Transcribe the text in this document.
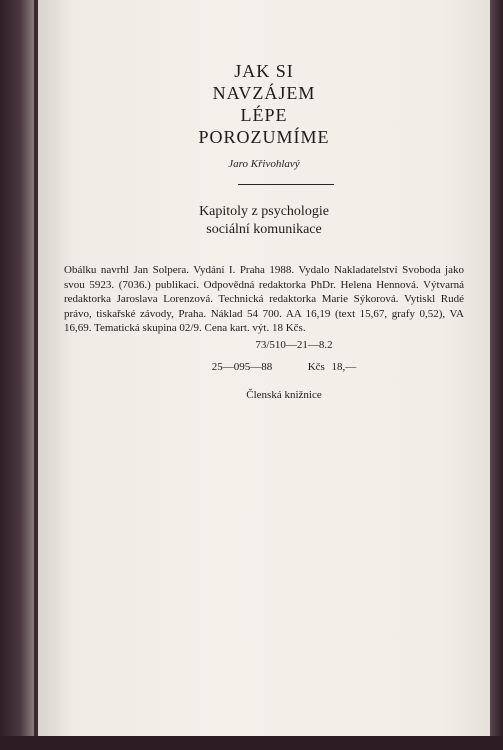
JAK SI
NAVZÁJEM
LÉPE
POROZUMÍME
Jaro Křivohlavý
Kapitoly z psychologie
sociální komunikace
Obálku navrhl Jan Solpera. Vydání I. Praha 1988. Vydalo Nakladatelství Svoboda jako svou 5923. (7036.) publikaci. Odpovědná redaktorka PhDr. Helena Hennová. Výtvarná redaktorka Jaroslava Lorenzová. Technická redaktorka Marie Sýkorová. Vytiskl Rudé právo, tiskařské závody, Praha. Náklad 54 700. AA 16,19 (text 15,67, grafy 0,52), VA 16,69. Tematická skupina 02/9. Cena kart. výt. 18 Kčs.
73/510—21—8.2
25—095—88	Kčs 18,—
Členská knižnice
